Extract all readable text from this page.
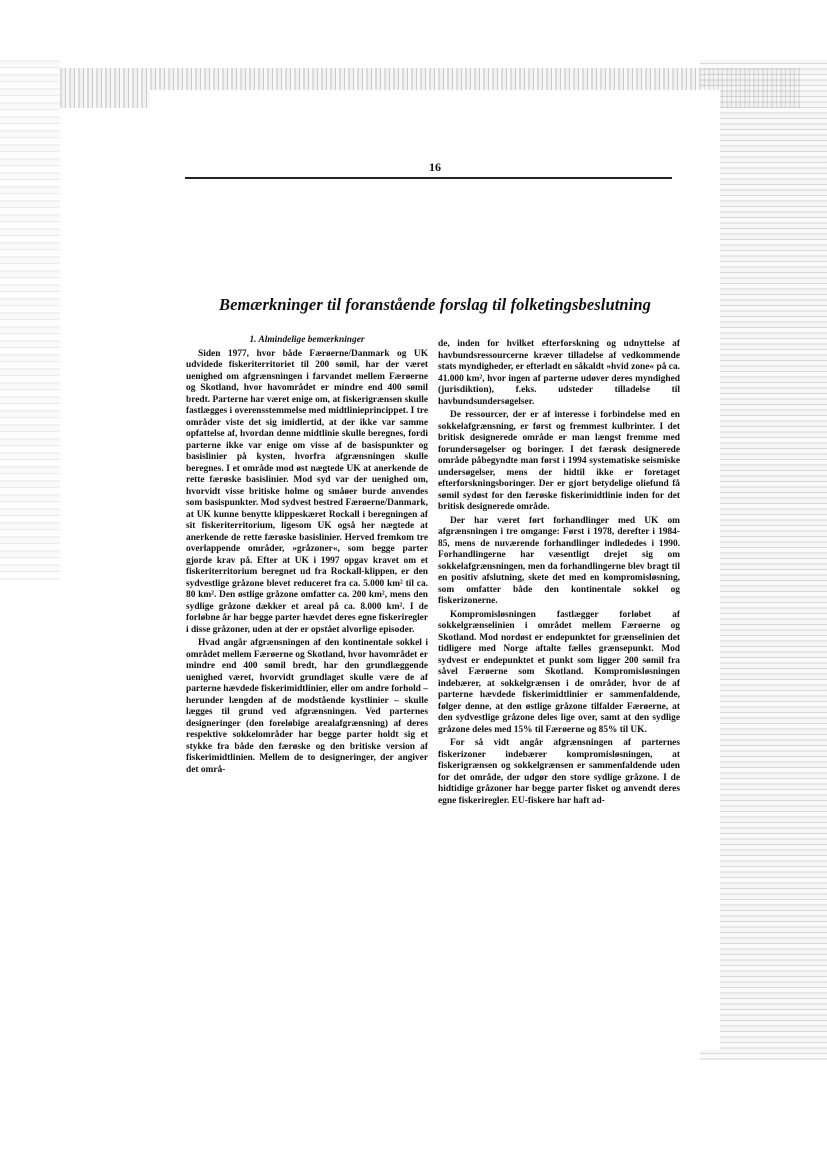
16
Bemærkninger til foranstående forslag til folketingsbeslutning
1. Almindelige bemærkninger

Siden 1977, hvor både Færøerne/Danmark og UK udvidede fiskeriterritoriet til 200 sømil, har der været uenighed om afgrænsningen i farvandet mellem Færøerne og Skotland, hvor havområdet er mindre end 400 sømil bredt. Parterne har været enige om, at fiskerigrænsen skulle fastlægges i overensstemmelse med midtlinieprincippet. I tre områder viste det sig imidlertid, at der ikke var samme opfattelse af, hvordan denne midtlinie skulle beregnes, fordi parterne ikke var enige om visse af de basispunkter og basislinier på kysten, hvorfra afgrænsningen skulle beregnes. I et område mod øst nægtede UK at anerkende de rette færøske basislinier. Mod syd var der uenighed om, hvorvidt visse britiske holme og småøer burde anvendes som basispunkter. Mod sydvest bestred Færøerne/Danmark, at UK kunne benytte klippeskæret Rockall i beregningen af sit fiskeriterritorium, ligesom UK også her nægtede at anerkende de rette færøske basislinier. Herved fremkom tre overlappende områder, »gråzoner«, som begge parter gjorde krav på. Efter at UK i 1997 opgav kravet om et fiskeriterritorium beregnet ud fra Rockall-klippen, er den sydvestlige gråzone blevet reduceret fra ca. 5.000 km² til ca. 80 km². Den østlige gråzone omfatter ca. 200 km², mens den sydlige gråzone dækker et areal på ca. 8.000 km². I de forløbne år har begge parter hævdet deres egne fiskeriregler i disse gråzoner, uden at der er opstået alvorlige episoder.

Hvad angår afgrænsningen af den kontinentale sokkel i området mellem Færøerne og Skotland, hvor havområdet er mindre end 400 sømil bredt, har den grundlæggende uenighed været, hvorvidt grundlaget skulle være de af parterne hævdede fiskerimidtlinier, eller om andre forhold – herunder længden af de modstående kystlinier – skulle lægges til grund ved afgrænsningen. Ved parternes designeringer (den foreløbige arealafgrænsning) af deres respektive sokkelområder har begge parter holdt sig et stykke fra både den færøske og den britiske version af fiskerimidtlinien. Mellem de to designeringer, der angiver det områ-

de, inden for hvilket efterforskning og udnyttelse af havbundsressourcerne kræver tilladelse af vedkommende stats myndigheder, er efterladt en såkaldt »hvid zone« på ca. 41.000 km², hvor ingen af parterne udøver deres myndighed (jurisdiktion), f.eks. udsteder tilladelse til havbundsundersøgelser.

De ressourcer, der er af interesse i forbindelse med en sokkelafgrænsning, er først og fremmest kulbrinter. I det britisk designerede område er man længst fremme med forundersøgelser og boringer. I det færøsk designerede område påbegyndte man først i 1994 systematiske seismiske undersøgelser, mens der hidtil ikke er foretaget efterforskningsboringer. Der er gjort betydelige oliefund få sømil sydøst for den færøske fiskerimidtlinie inden for det britisk designerede område.

Der har været ført forhandlinger med UK om afgrænsningen i tre omgange: Først i 1978, derefter i 1984-85, mens de nuværende forhandlinger indlededes i 1990. Forhandlingerne har væsentligt drejet sig om sokkelafgrænsningen, men da forhandlingerne blev bragt til en positiv afslutning, skete det med en kompromisløsning, som omfatter både den kontinentale sokkel og fiskerizonerne.

Kompromisløsningen fastlægger forløbet af sokkelgrænselinien i området mellem Færøerne og Skotland. Mod nordøst er endepunktet for grænselinien det tidligere med Norge aftalte fælles grænsepunkt. Mod sydvest er endepunktet et punkt som ligger 200 sømil fra såvel Færøerne som Skotland. Kompromisløsningen indebærer, at sokkelgrænsen i de områder, hvor de af parterne hævdede fiskerimidtlinier er sammenfaldende, følger denne, at den østlige gråzone tilfalder Færøerne, at den sydvestlige gråzone deles lige over, samt at den sydlige gråzone deles med 15% til Færøerne og 85% til UK.

For så vidt angår afgrænsningen af parternes fiskerizoner indebærer kompromisløsningen, at fiskerigrænsen og sokkelgrænsen er sammenfaldende uden for det område, der udgør den store sydlige gråzone. I de hidtidige gråzoner har begge parter fisket og anvendt deres egne fiskeriregler. EU-fiskere har haft ad-
